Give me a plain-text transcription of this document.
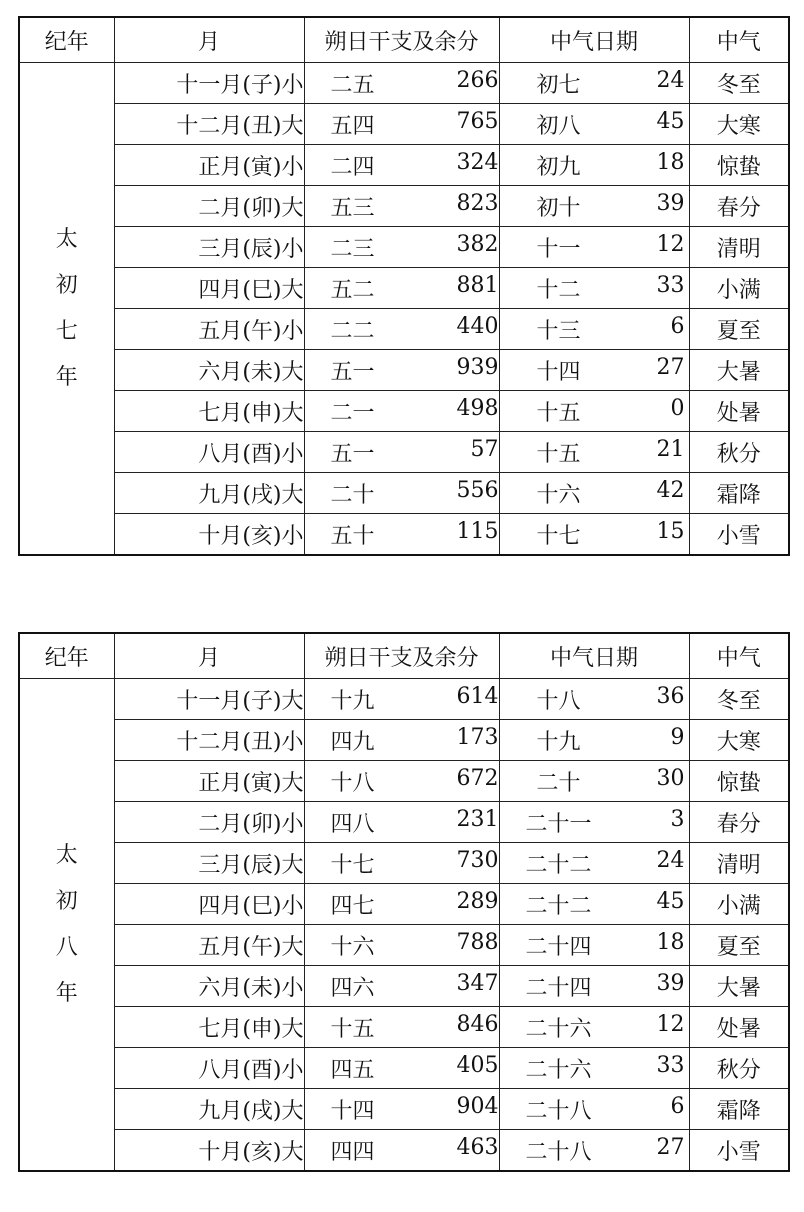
纪年	月	朔日干支及余分	中气日期	中气

太
初
七
年	十一月(子)小	二五 266	初七 24	冬至
	十二月(丑)大	五四 765	初八 45	大寒
	正月(寅)小	二四 324	初九 18	惊蛰
	二月(卯)大	五三 823	初十 39	春分
	三月(辰)小	二三 382	十一 12	清明
	四月(巳)大	五二 881	十二 33	小满
	五月(午)小	二二 440	十三 6	夏至
	六月(未)大	五一 939	十四 27	大暑
	七月(申)大	二一 498	十五 0	处暑
	八月(酉)小	五一 57	十五 21	秋分
	九月(戌)大	二十 556	十六 42	霜降
	十月(亥)小	五十 115	十七 15	小雪
纪年	月	朔日干支及余分	中气日期	中气

太
初
八
年	十一月(子)大	十九 614	十八 36	冬至
	十二月(丑)小	四九 173	十九 9	大寒
	正月(寅)大	十八 672	二十 30	惊蛰
	二月(卯)小	四八 231	二十一 3	春分
	三月(辰)大	十七 730	二十二 24	清明
	四月(巳)小	四七 289	二十二 45	小满
	五月(午)大	十六 788	二十四 18	夏至
	六月(未)小	四六 347	二十四 39	大暑
	七月(申)大	十五 846	二十六 12	处暑
	八月(酉)小	四五 405	二十六 33	秋分
	九月(戌)大	十四 904	二十八 6	霜降
	十月(亥)大	四四 463	二十八 27	小雪
